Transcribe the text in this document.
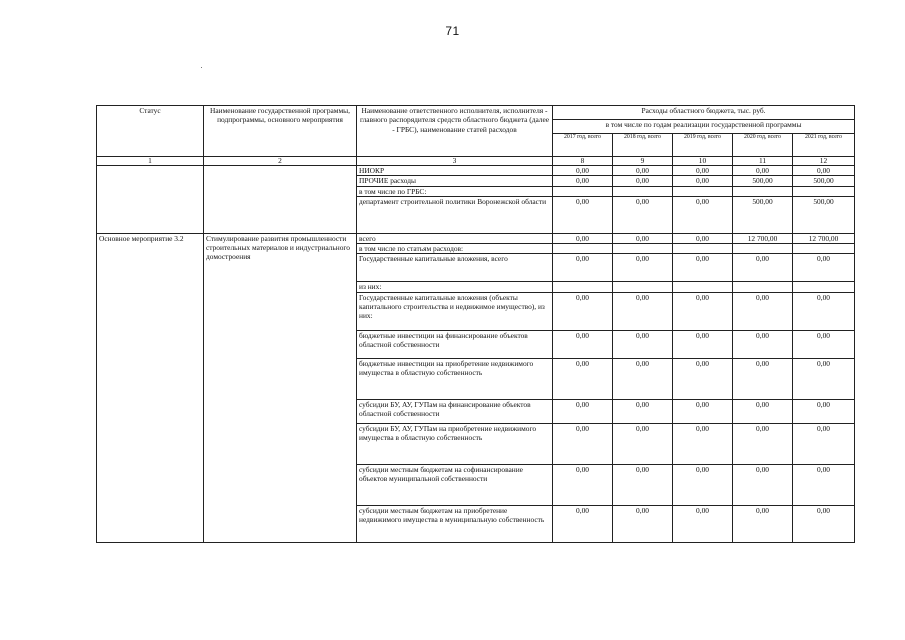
71
Статус	Наименование государственной программы, подпрограммы, основного мероприятия	Наименование ответственного исполнителя, исполнителя - главного распорядителя средств областного бюджета (далее - ГРБС), наименование статей расходов	Расходы областного бюджета, тыс. руб.				
			в том числе по годам реализации государственной программы				
			2017 год, всего	2018 год, всего	2019 год, всего	2020 год, всего	2021 год, всего
1	2	3	8	9	10	11	12
		НИОКР	0,00	0,00	0,00	0,00	0,00
		ПРОЧИЕ расходы	0,00	0,00	0,00	500,00	500,00
		в том числе по ГРБС:					
		департамент строительной политики Воронежской области	0,00	0,00	0,00	500,00	500,00
Основное мероприятие 3.2	Стимулирование развития промышленности строительных материалов и индустриального домостроения	всего	0,00	0,00	0,00	12 700,00	12 700,00
		в том числе по статьям расходов:					
		Государственные капитальные вложения, всего	0,00	0,00	0,00	0,00	0,00
		из них:					
		Государственные капитальные вложения (объекты капитального строительства и недвижимое имущество), из них:	0,00	0,00	0,00	0,00	0,00
		бюджетные инвестиции на финансирование объектов областной собственности	0,00	0,00	0,00	0,00	0,00
		бюджетные инвестиции на приобретение недвижимого имущества в областную собственность	0,00	0,00	0,00	0,00	0,00
		субсидии БУ, АУ, ГУПам на финансирование объектов областной собственности	0,00	0,00	0,00	0,00	0,00
		субсидии БУ, АУ, ГУПам на приобретение недвижимого имущества в областную собственность	0,00	0,00	0,00	0,00	0,00
		субсидии местным бюджетам на софинансирование объектов муниципальной собственности	0,00	0,00	0,00	0,00	0,00
		субсидии местным бюджетам на приобретение недвижимого имущества в муниципальную собственность	0,00	0,00	0,00	0,00	0,00
